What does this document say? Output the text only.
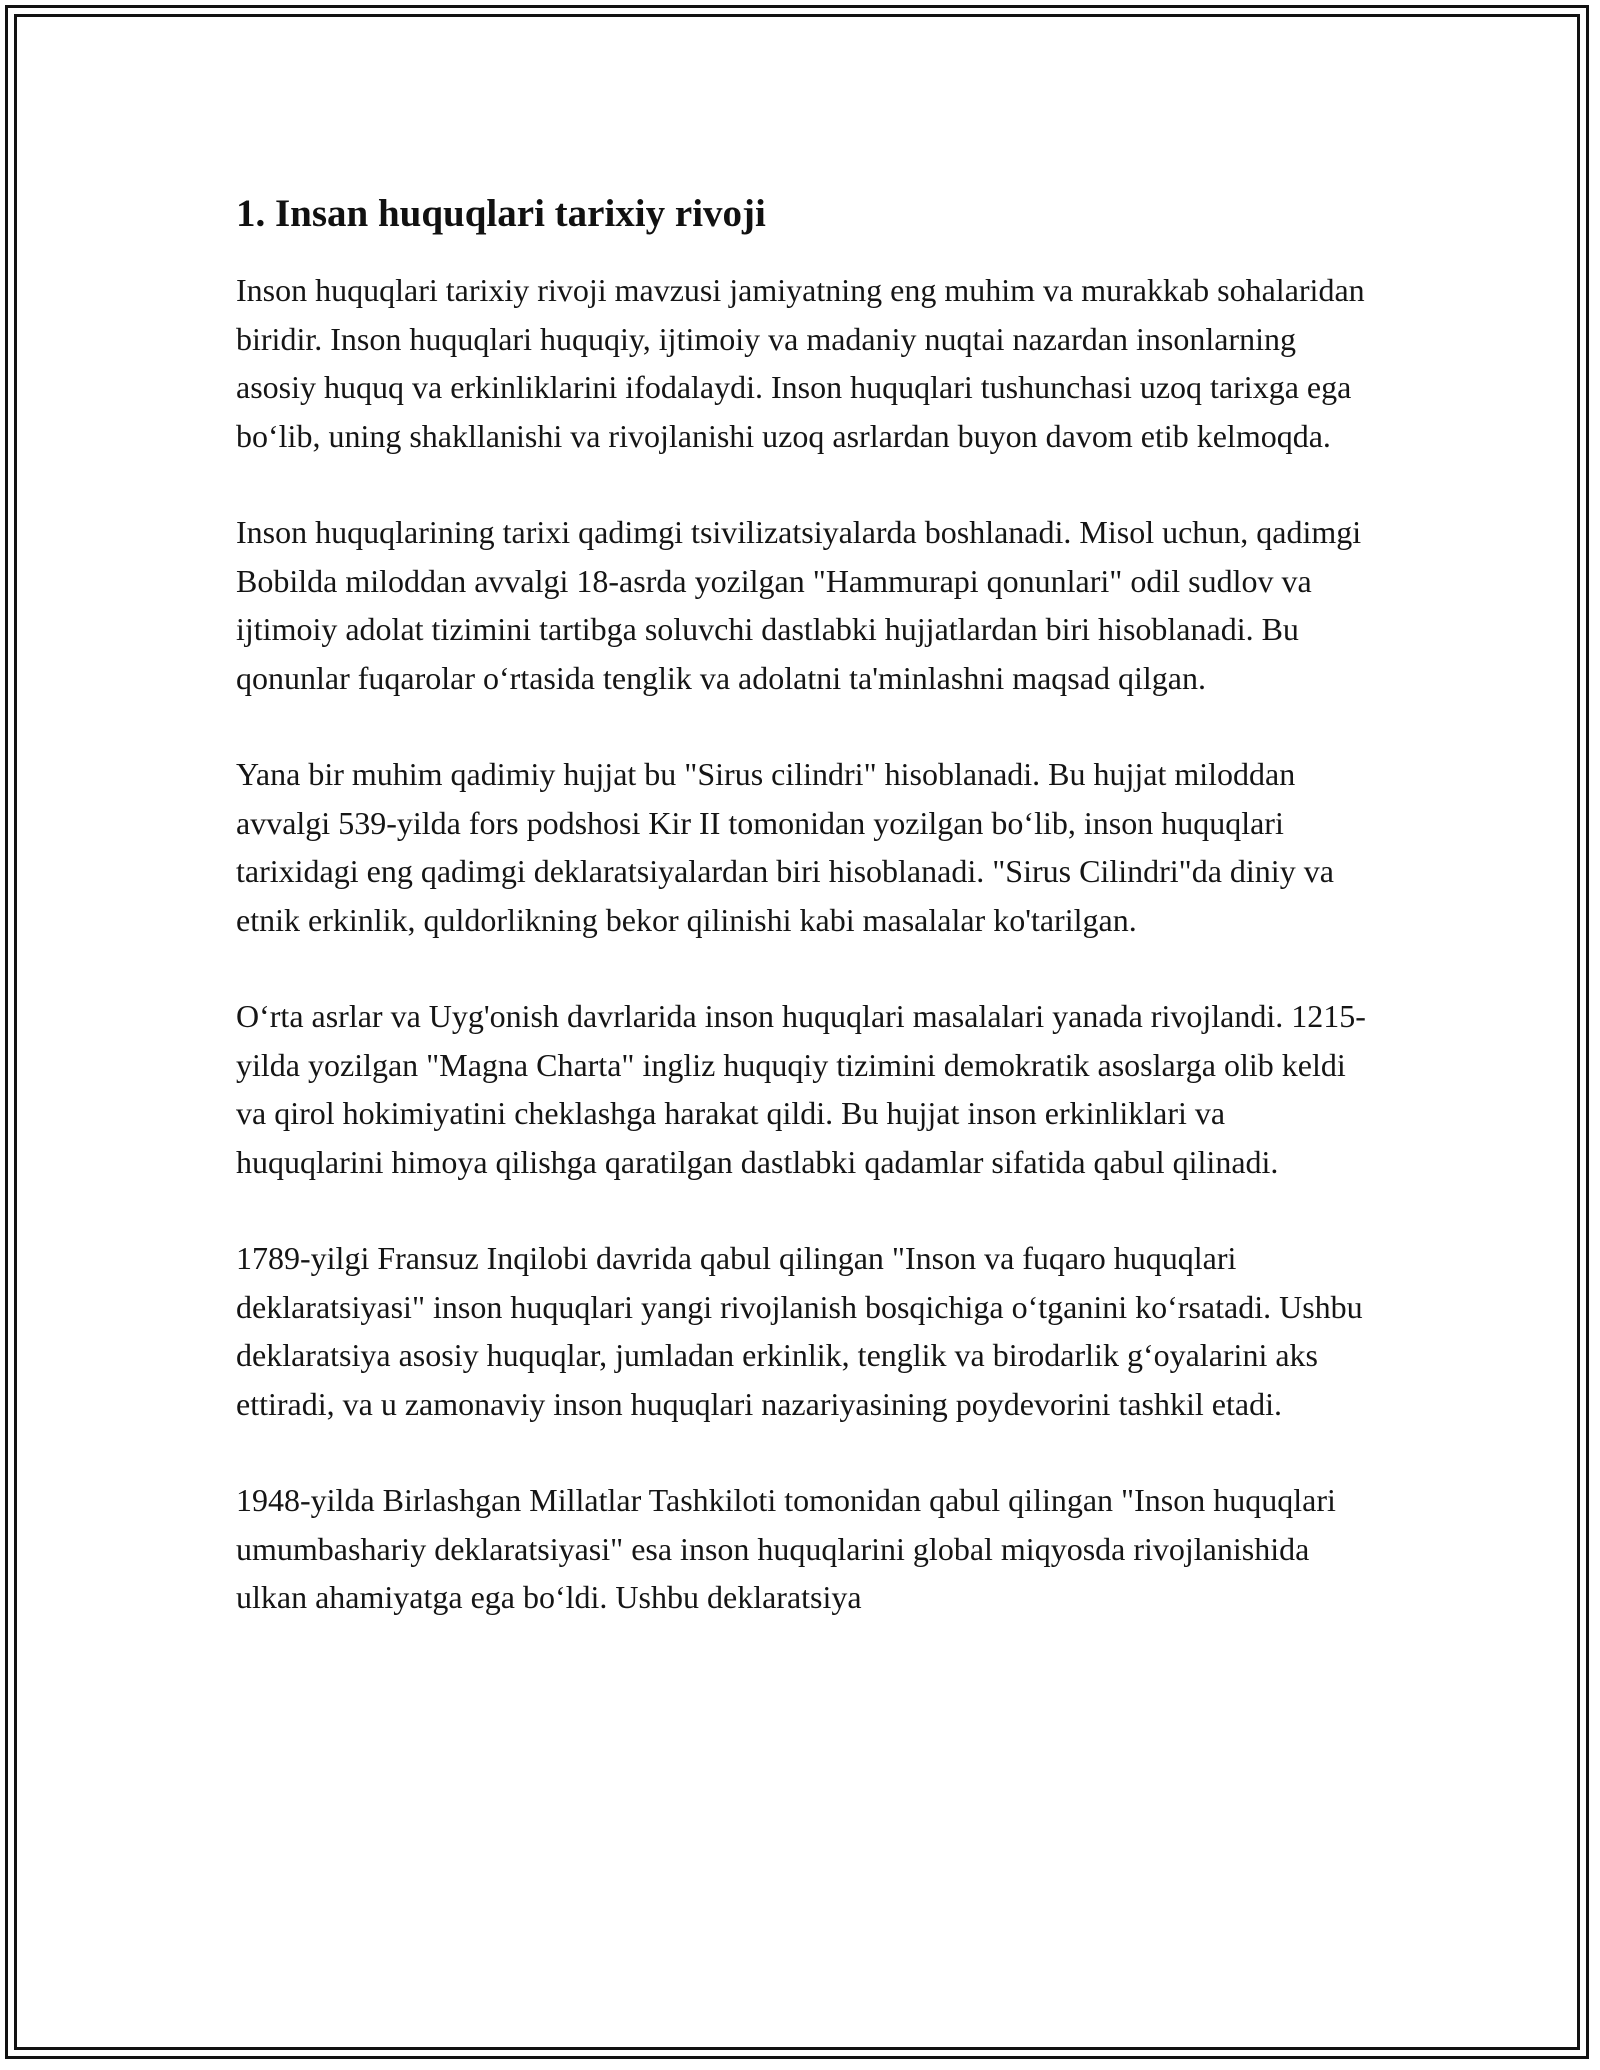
1. Insan huquqlari tarixiy rivoji

Inson huquqlari tarixiy rivoji mavzusi jamiyatning eng muhim va murakkab sohalaridan biridir. Inson huquqlari huquqiy, ijtimoiy va madaniy nuqtai nazardan insonlarning asosiy huquq va erkinliklarini ifodalaydi. Inson huquqlari tushunchasi uzoq tarixga ega boʻlib, uning shakllanishi va rivojlanishi uzoq asrlardan buyon davom etib kelmoqda.

Inson huquqlarining tarixi qadimgi tsivilizatsiyalarda boshlanadi. Misol uchun, qadimgi Bobilda miloddan avvalgi 18-asrda yozilgan "Hammurapi qonunlari" odil sudlov va ijtimoiy adolat tizimini tartibga soluvchi dastlabki hujjatlardan biri hisoblanadi. Bu qonunlar fuqarolar oʻrtasida tenglik va adolatni ta'minlashni maqsad qilgan.

Yana bir muhim qadimiy hujjat bu "Sirus cilindri" hisoblanadi. Bu hujjat miloddan avvalgi 539-yilda fors podshosi Kir II tomonidan yozilgan boʻlib, inson huquqlari tarixidagi eng qadimgi deklaratsiyalardan biri hisoblanadi. "Sirus Cilindri"da diniy va etnik erkinlik, quldorlikning bekor qilinishi kabi masalalar ko'tarilgan.

Oʻrta asrlar va Uyg'onish davrlarida inson huquqlari masalalari yanada rivojlandi. 1215-yilda yozilgan "Magna Charta" ingliz huquqiy tizimini demokratik asoslarga olib keldi va qirol hokimiyatini cheklashga harakat qildi. Bu hujjat inson erkinliklari va huquqlarini himoya qilishga qaratilgan dastlabki qadamlar sifatida qabul qilinadi.

1789-yilgi Fransuz Inqilobi davrida qabul qilingan "Inson va fuqaro huquqlari deklaratsiyasi" inson huquqlari yangi rivojlanish bosqichiga oʻtganini koʻrsatadi. Ushbu deklaratsiya asosiy huquqlar, jumladan erkinlik, tenglik va birodarlik gʻoyalarini aks ettiradi, va u zamonaviy inson huquqlari nazariyasining poydevorini tashkil etadi.

1948-yilda Birlashgan Millatlar Tashkiloti tomonidan qabul qilingan "Inson huquqlari umumbashariy deklaratsiyasi" esa inson huquqlarini global miqyosda rivojlanishida ulkan ahamiyatga ega boʻldi. Ushbu deklaratsiya
